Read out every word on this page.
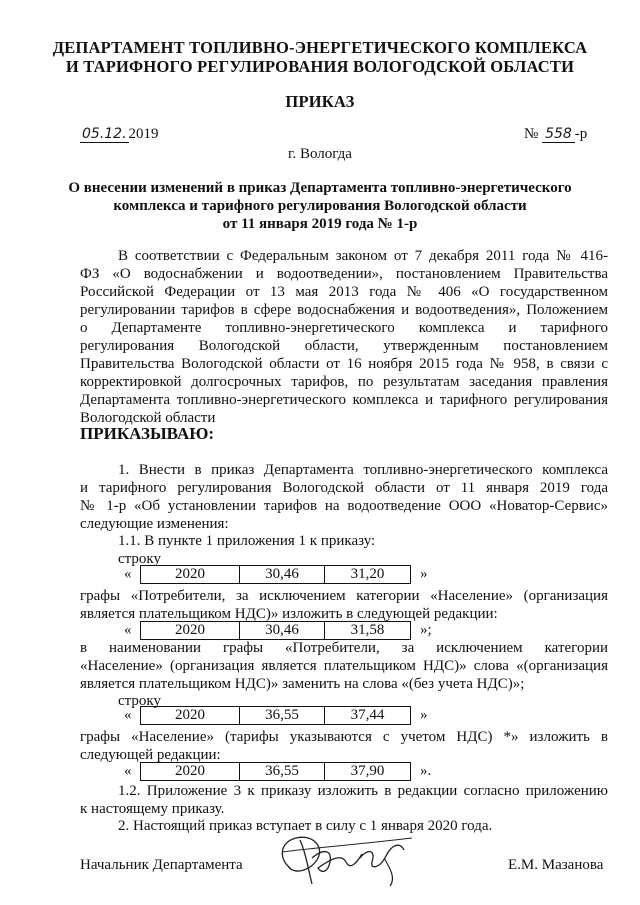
ДЕПАРТАМЕНТ ТОПЛИВНО-ЭНЕРГЕТИЧЕСКОГО КОМПЛЕКСА
И ТАРИФНОГО РЕГУЛИРОВАНИЯ ВОЛОГОДСКОЙ ОБЛАСТИ
ПРИКАЗ
05.12. 2019	№ 558 -р
г. Вологда
О внесении изменений в приказ Департамента топливно-энергетического
комплекса и тарифного регулирования Вологодской области
от 11 января 2019 года № 1-р
В соответствии с Федеральным законом от 7 декабря 2011 года № 416-
ФЗ «О водоснабжении и водоотведении», постановлением Правительства
Российской Федерации от 13 мая 2013 года № 406 «О государственном
регулировании тарифов в сфере водоснабжения и водоотведения», Положением
о Департаменте топливно-энергетического комплекса и тарифного
регулирования Вологодской области, утвержденным постановлением
Правительства Вологодской области от 16 ноября 2015 года № 958, в связи с
корректировкой долгосрочных тарифов, по результатам заседания правления
Департамента топливно-энергетического комплекса и тарифного регулирования
Вологодской области
ПРИКАЗЫВАЮ:
1. Внести в приказ Департамента топливно-энергетического комплекса
и тарифного регулирования Вологодской области от 11 января 2019 года
№ 1-р «Об установлении тарифов на водоотведение ООО «Новатор-Сервис»
следующие изменения:
1.1. В пункте 1 приложения 1 к приказу:
строку
«	2020	30,46	31,20	»
графы «Потребители, за исключением категории «Население» (организация
является плательщиком НДС)» изложить в следующей редакции:
«	2020	30,46	31,58	»;
в наименовании графы «Потребители, за исключением категории
«Население» (организация является плательщиком НДС)» слова «(организация
является плательщиком НДС)» заменить на слова «(без учета НДС)»;
строку
«	2020	36,55	37,44	»
графы «Население» (тарифы указываются с учетом НДС) *» изложить в
следующей редакции:
«	2020	36,55	37,90	».
1.2. Приложение 3 к приказу изложить в редакции согласно приложению
к настоящему приказу.
2. Настоящий приказ вступает в силу с 1 января 2020 года.
Начальник Департамента	Е.М. Мазанова
